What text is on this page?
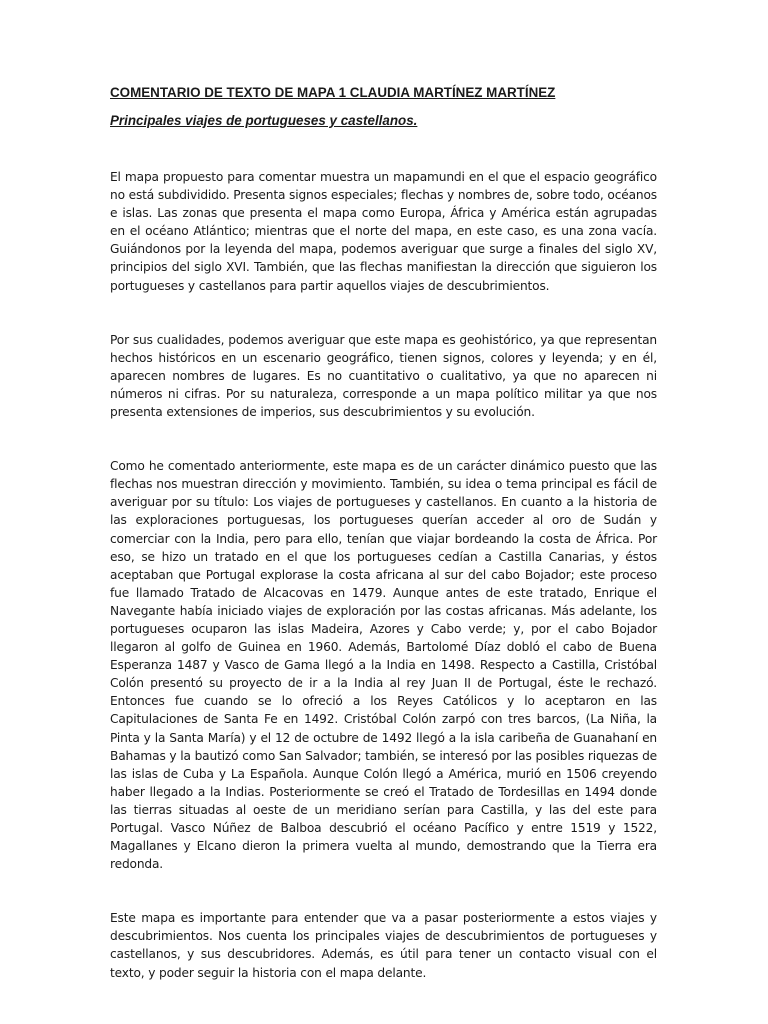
COMENTARIO DE TEXTO DE MAPA 1 CLAUDIA MARTÍNEZ MARTÍNEZ
Principales viajes de portugueses y castellanos.

El mapa propuesto para comentar muestra un mapamundi en el que el espacio geográfico no está subdividido. Presenta signos especiales; flechas y nombres de, sobre todo, océanos e islas. Las zonas que presenta el mapa como Europa, África y América están agrupadas en el océano Atlántico; mientras que el norte del mapa, en este caso, es una zona vacía. Guiándonos por la leyenda del mapa, podemos averiguar que surge a finales del siglo XV, principios del siglo XVI. También, que las flechas manifiestan la dirección que siguieron los portugueses y castellanos para partir aquellos viajes de descubrimientos.

Por sus cualidades, podemos averiguar que este mapa es geohistórico, ya que representan hechos históricos en un escenario geográfico, tienen signos, colores y leyenda; y en él, aparecen nombres de lugares. Es no cuantitativo o cualitativo, ya que no aparecen ni números ni cifras. Por su naturaleza, corresponde a un mapa político militar ya que nos presenta extensiones de imperios, sus descubrimientos y su evolución.

Como he comentado anteriormente, este mapa es de un carácter dinámico puesto que las flechas nos muestran dirección y movimiento. También, su idea o tema principal es fácil de averiguar por su título: Los viajes de portugueses y castellanos. En cuanto a la historia de las exploraciones portuguesas, los portugueses querían acceder al oro de Sudán y comerciar con la India, pero para ello, tenían que viajar bordeando la costa de África. Por eso, se hizo un tratado en el que los portugueses cedían a Castilla Canarias, y éstos aceptaban que Portugal explorase la costa africana al sur del cabo Bojador; este proceso fue llamado Tratado de Alcacovas en 1479. Aunque antes de este tratado, Enrique el Navegante había iniciado viajes de exploración por las costas africanas. Más adelante, los portugueses ocuparon las islas Madeira, Azores y Cabo verde; y, por el cabo Bojador llegaron al golfo de Guinea en 1960. Además, Bartolomé Díaz dobló el cabo de Buena Esperanza 1487 y Vasco de Gama llegó a la India en 1498. Respecto a Castilla, Cristóbal Colón presentó su proyecto de ir a la India al rey Juan II de Portugal, éste le rechazó. Entonces fue cuando se lo ofreció a los Reyes Católicos y lo aceptaron en las Capitulaciones de Santa Fe en 1492. Cristóbal Colón zarpó con tres barcos, (La Niña, la Pinta y la Santa María) y el 12 de octubre de 1492 llegó a la isla caribeña de Guanahaní en Bahamas y la bautizó como San Salvador; también, se interesó por las posibles riquezas de las islas de Cuba y La Española. Aunque Colón llegó a América, murió en 1506 creyendo haber llegado a la Indias. Posteriormente se creó el Tratado de Tordesillas en 1494 donde las tierras situadas al oeste de un meridiano serían para Castilla, y las del este para Portugal. Vasco Núñez de Balboa descubrió el océano Pacífico y entre 1519 y 1522, Magallanes y Elcano dieron la primera vuelta al mundo, demostrando que la Tierra era redonda.

Este mapa es importante para entender que va a pasar posteriormente a estos viajes y descubrimientos. Nos cuenta los principales viajes de descubrimientos de portugueses y castellanos, y sus descubridores. Además, es útil para tener un contacto visual con el texto, y poder seguir la historia con el mapa delante.
